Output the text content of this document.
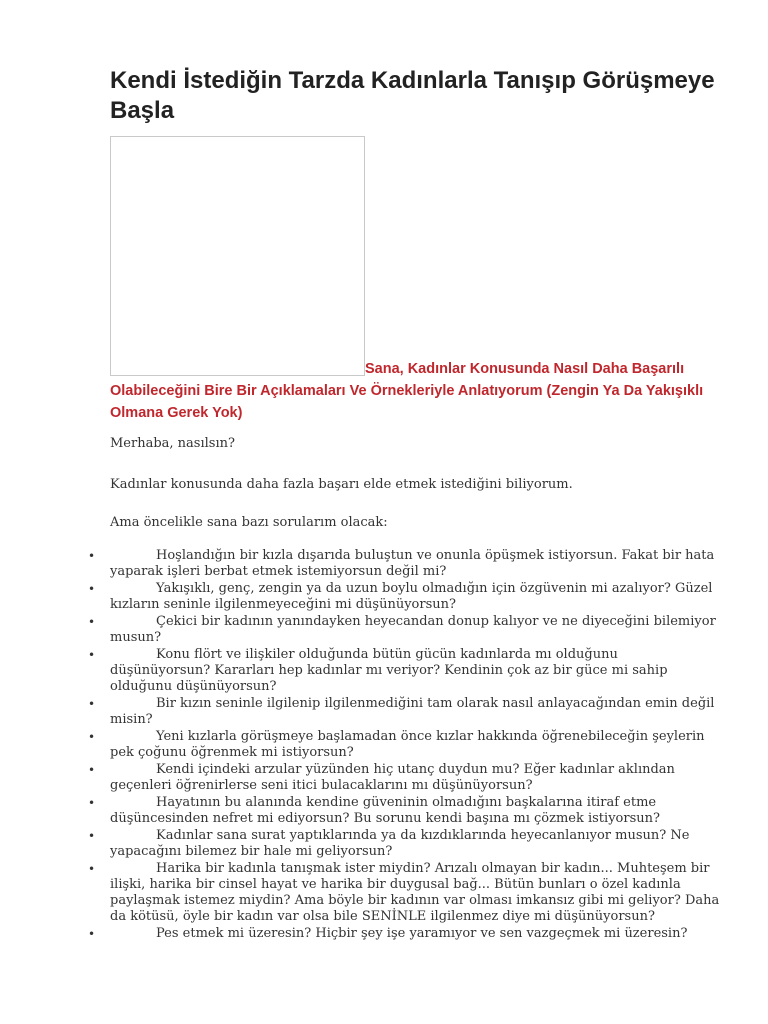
Kendi İstediğin Tarzda Kadınlarla Tanışıp Görüşmeye Başla

Sana, Kadınlar Konusunda Nasıl Daha Başarılı Olabileceğini Bire Bir Açıklamaları Ve Örnekleriyle Anlatıyorum (Zengin Ya Da Yakışıklı Olmana Gerek Yok)

Merhaba, nasılsın?

Kadınlar konusunda daha fazla başarı elde etmek istediğini biliyorum.

Ama öncelikle sana bazı sorularım olacak:

•	Hoşlandığın bir kızla dışarıda buluştun ve onunla öpüşmek istiyorsun. Fakat bir hata yaparak işleri berbat etmek istemiyorsun değil mi?
•	Yakışıklı, genç, zengin ya da uzun boylu olmadığın için özgüvenin mi azalıyor? Güzel kızların seninle ilgilenmeyeceğini mi düşünüyorsun?
•	Çekici bir kadının yanındayken heyecandan donup kalıyor ve ne diyeceğini bilemiyor musun?
•	Konu flört ve ilişkiler olduğunda bütün gücün kadınlarda mı olduğunu düşünüyorsun? Kararları hep kadınlar mı veriyor? Kendinin çok az bir güce mi sahip olduğunu düşünüyorsun?
•	Bir kızın seninle ilgilenip ilgilenmediğini tam olarak nasıl anlayacağından emin değil misin?
•	Yeni kızlarla görüşmeye başlamadan önce kızlar hakkında öğrenebileceğin şeylerin pek çoğunu öğrenmek mi istiyorsun?
•	Kendi içindeki arzular yüzünden hiç utanç duydun mu? Eğer kadınlar aklından geçenleri öğrenirlerse seni itici bulacaklarını mı düşünüyorsun?
•	Hayatının bu alanında kendine güveninin olmadığını başkalarına itiraf etme düşüncesinden nefret mi ediyorsun? Bu sorunu kendi başına mı çözmek istiyorsun?
•	Kadınlar sana surat yaptıklarında ya da kızdıklarında heyecanlanıyor musun? Ne yapacağını bilemez bir hale mi geliyorsun?
•	Harika bir kadınla tanışmak ister miydin? Arızalı olmayan bir kadın... Muhteşem bir ilişki, harika bir cinsel hayat ve harika bir duygusal bağ... Bütün bunları o özel kadınla paylaşmak istemez miydin? Ama böyle bir kadının var olması imkansız gibi mi geliyor? Daha da kötüsü, öyle bir kadın var olsa bile SENİNLE ilgilenmez diye mi düşünüyorsun?
•	Pes etmek mi üzeresin? Hiçbir şey işe yaramıyor ve sen vazgeçmek mi üzeresin?
